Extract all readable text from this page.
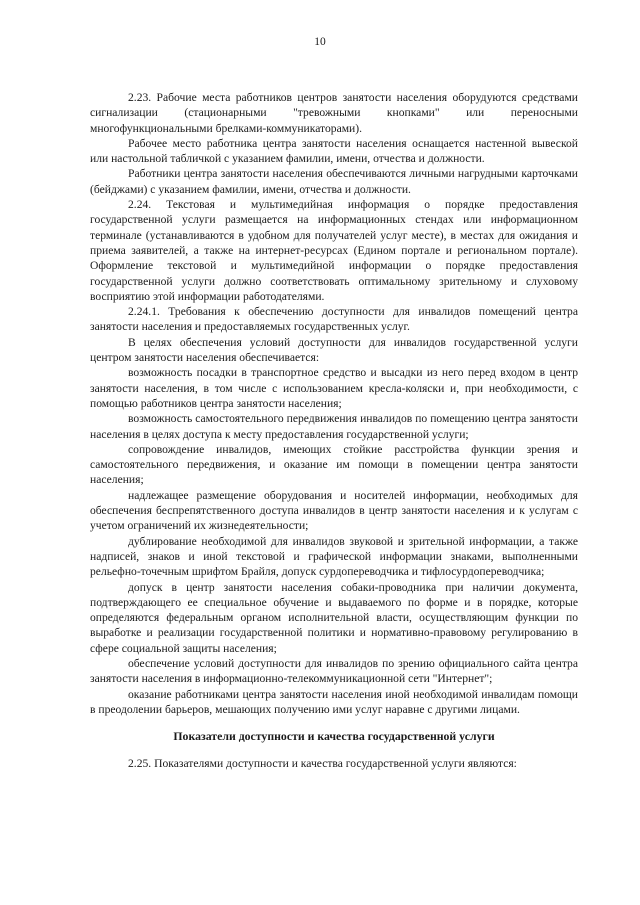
10

2.23. Рабочие места работников центров занятости населения оборудуются средствами сигнализации (стационарными "тревожными кнопками" или переносными многофункциональными брелками-коммуникаторами).

Рабочее место работника центра занятости населения оснащается настенной вывеской или настольной табличкой с указанием фамилии, имени, отчества и должности.

Работники центра занятости населения обеспечиваются личными нагрудными карточками (бейджами) с указанием фамилии, имени, отчества и должности.

2.24. Текстовая и мультимедийная информация о порядке предоставления государственной услуги размещается на информационных стендах или информационном терминале (устанавливаются в удобном для получателей услуг месте), в местах для ожидания и приема заявителей, а также на интернет-ресурсах (Едином портале и региональном портале). Оформление текстовой и мультимедийной информации о порядке предоставления государственной услуги должно соответствовать оптимальному зрительному и слуховому восприятию этой информации работодателями.

2.24.1. Требования к обеспечению доступности для инвалидов помещений центра занятости населения и предоставляемых государственных услуг.

В целях обеспечения условий доступности для инвалидов государственной услуги центром занятости населения обеспечивается:

возможность посадки в транспортное средство и высадки из него перед входом в центр занятости населения, в том числе с использованием кресла-коляски и, при необходимости, с помощью работников центра занятости населения;

возможность самостоятельного передвижения инвалидов по помещению центра занятости населения в целях доступа к месту предоставления государственной услуги;

сопровождение инвалидов, имеющих стойкие расстройства функции зрения и самостоятельного передвижения, и оказание им помощи в помещении центра занятости населения;

надлежащее размещение оборудования и носителей информации, необходимых для обеспечения беспрепятственного доступа инвалидов в центр занятости населения и к услугам с учетом ограничений их жизнедеятельности;

дублирование необходимой для инвалидов звуковой и зрительной информации, а также надписей, знаков и иной текстовой и графической информации знаками, выполненными рельефно-точечным шрифтом Брайля, допуск сурдопереводчика и тифлосурдопереводчика;

допуск в центр занятости населения собаки-проводника при наличии документа, подтверждающего ее специальное обучение и выдаваемого по форме и в порядке, которые определяются федеральным органом исполнительной власти, осуществляющим функции по выработке и реализации государственной политики и нормативно-правовому регулированию в сфере социальной защиты населения;

обеспечение условий доступности для инвалидов по зрению официального сайта центра занятости населения в информационно-телекоммуникационной сети "Интернет";

оказание работниками центра занятости населения иной необходимой инвалидам помощи в преодолении барьеров, мешающих получению ими услуг наравне с другими лицами.

Показатели доступности и качества государственной услуги

2.25. Показателями доступности и качества государственной услуги являются:
